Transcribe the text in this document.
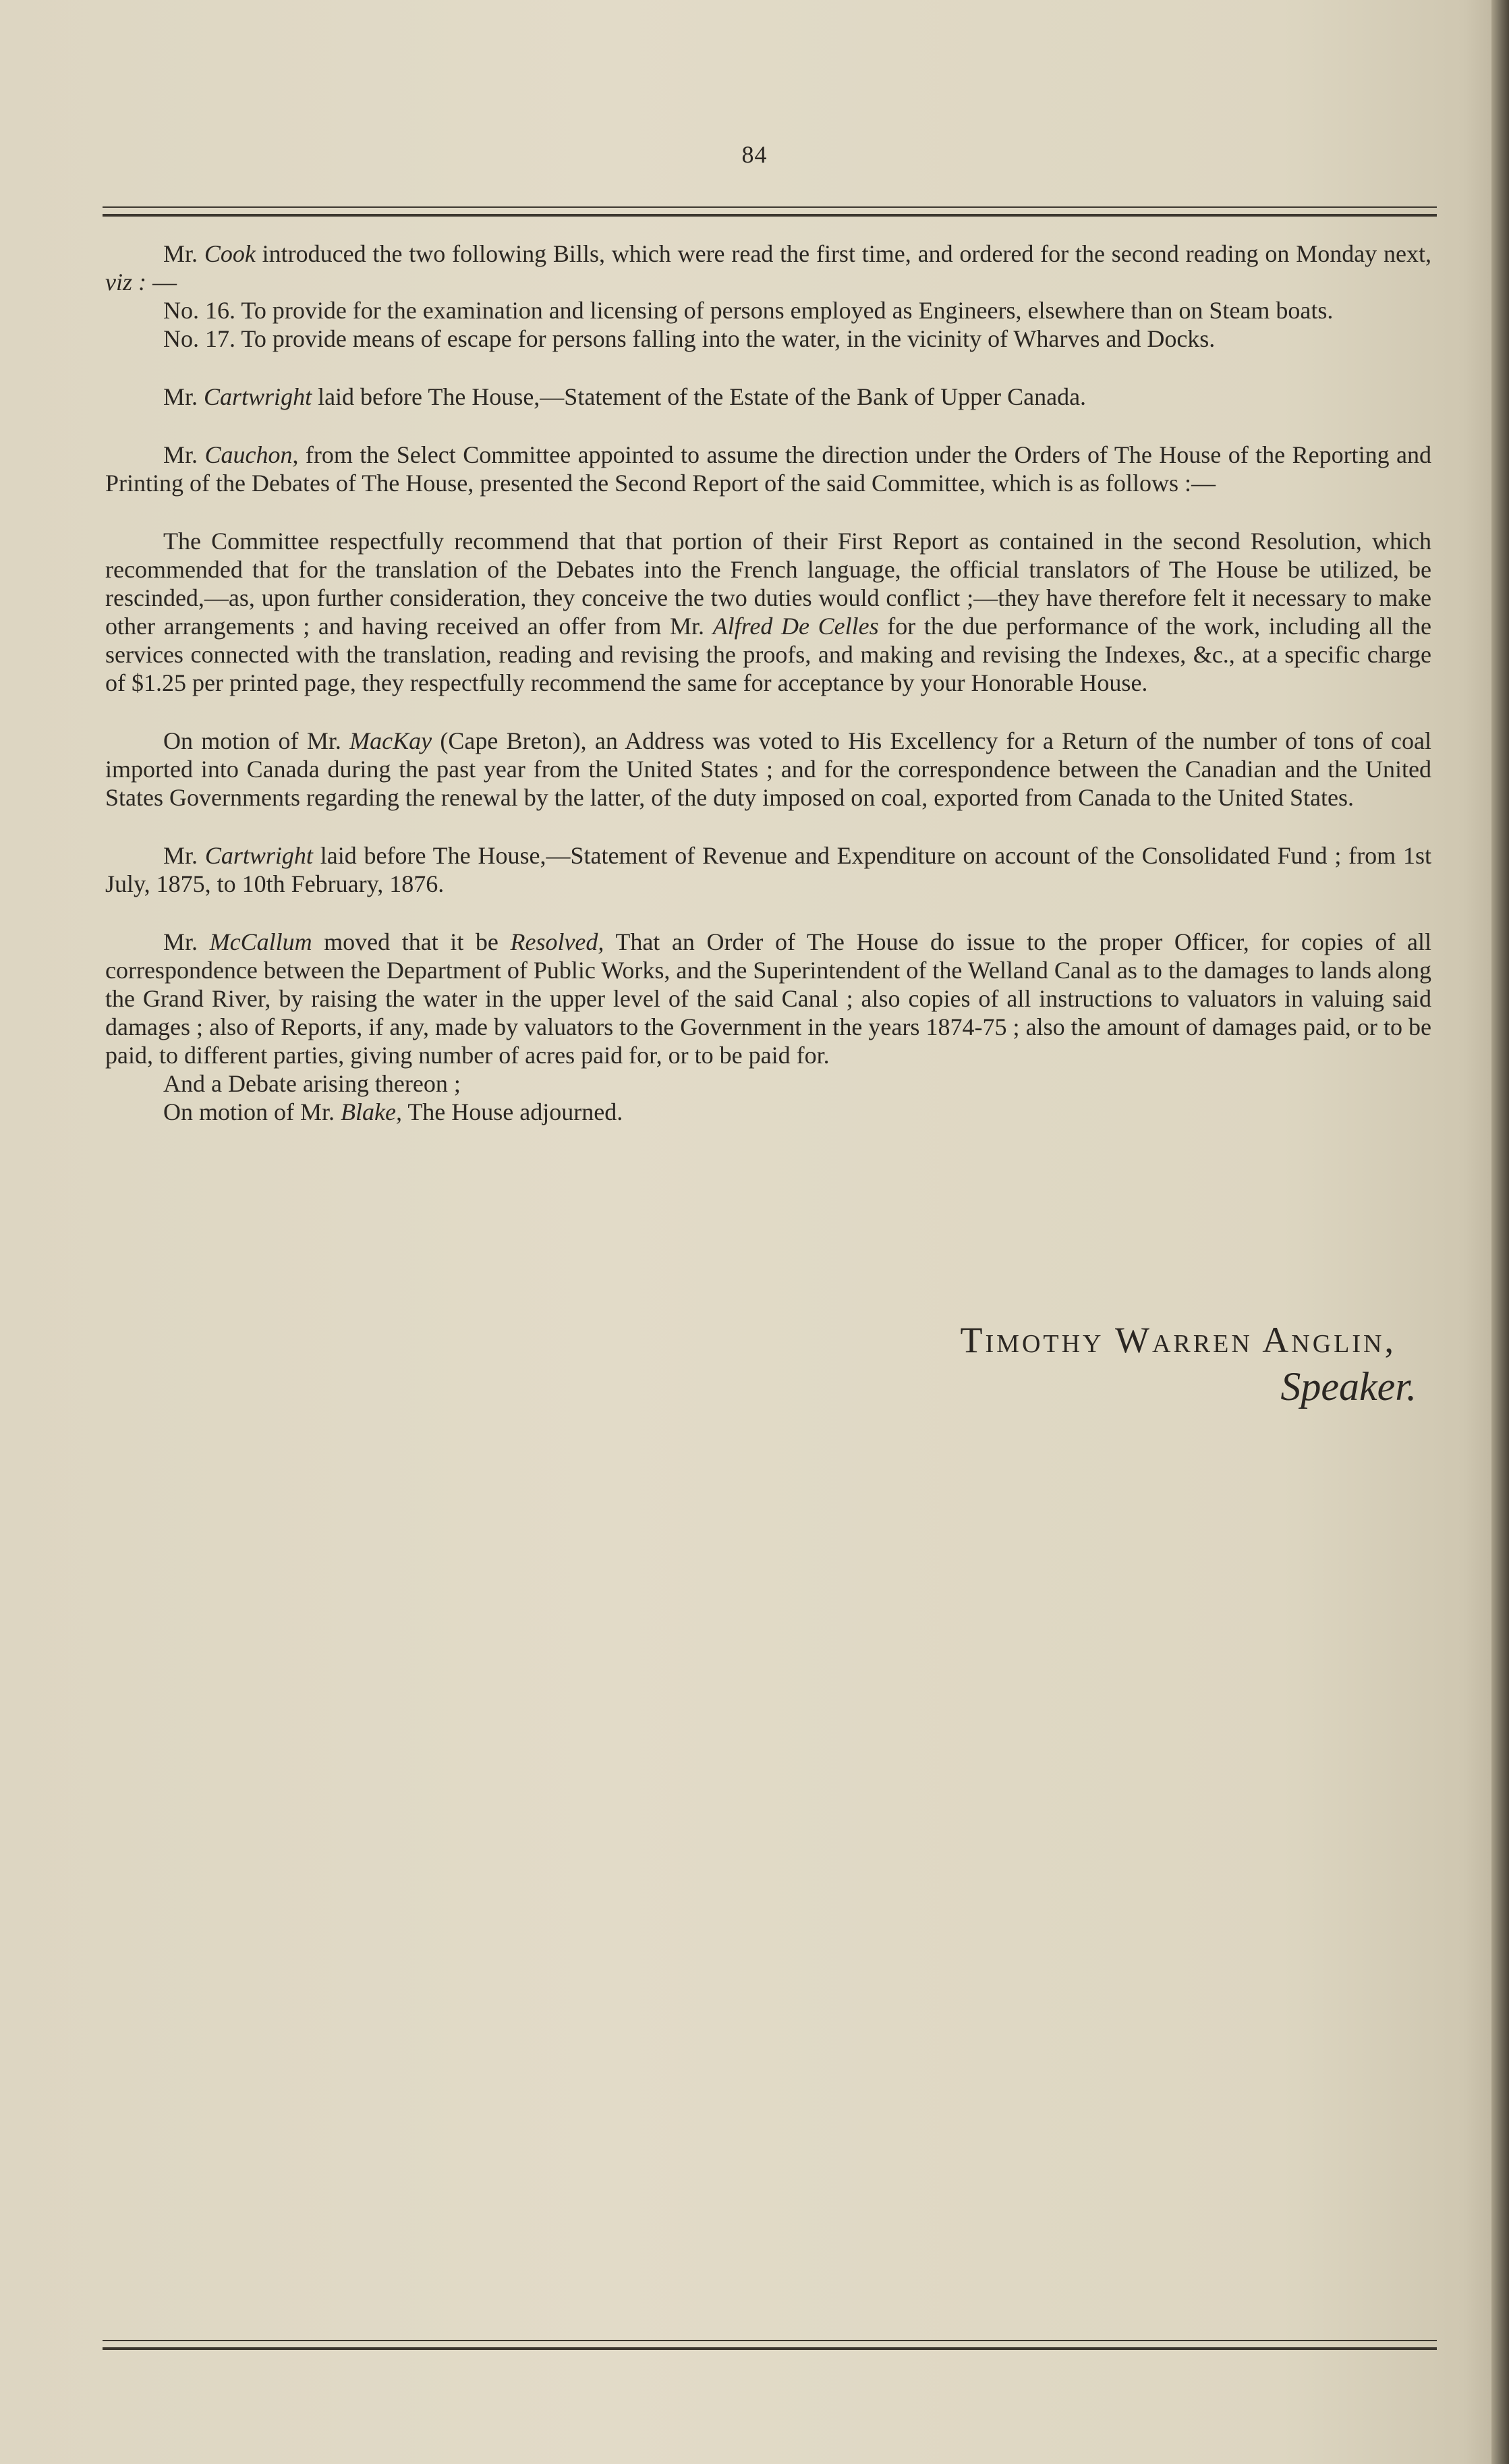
84

Mr. Cook introduced the two following Bills, which were read the first time, and ordered for the second reading on Monday next, viz : —

No. 16. To provide for the examination and licensing of persons employed as Engineers, elsewhere than on Steam boats.

No. 17. To provide means of escape for persons falling into the water, in the vicinity of Wharves and Docks.

Mr. Cartwright laid before The House,—Statement of the Estate of the Bank of Upper Canada.

Mr. Cauchon, from the Select Committee appointed to assume the direction under the Orders of The House of the Reporting and Printing of the Debates of The House, presented the Second Report of the said Committee, which is as follows :—

The Committee respectfully recommend that that portion of their First Report as contained in the second Resolution, which recommended that for the translation of the Debates into the French language, the official translators of The House be utilized, be rescinded,—as, upon further consideration, they conceive the two duties would conflict ;—they have therefore felt it necessary to make other arrangements ; and having received an offer from Mr. Alfred De Celles for the due performance of the work, including all the services connected with the translation, reading and revising the proofs, and making and revising the Indexes, &c., at a specific charge of $1.25 per printed page, they respectfully recommend the same for acceptance by your Honorable House.

On motion of Mr. MacKay (Cape Breton), an Address was voted to His Excellency for a Return of the number of tons of coal imported into Canada during the past year from the United States ; and for the correspondence between the Canadian and the United States Governments regarding the renewal by the latter, of the duty imposed on coal, exported from Canada to the United States.

Mr. Cartwright laid before The House,—Statement of Revenue and Expenditure on account of the Consolidated Fund ; from 1st July, 1875, to 10th February, 1876.

Mr. McCallum moved that it be Resolved, That an Order of The House do issue to the proper Officer, for copies of all correspondence between the Department of Public Works, and the Superintendent of the Welland Canal as to the damages to lands along the Grand River, by raising the water in the upper level of the said Canal ; also copies of all instructions to valuators in valuing said damages ; also of Reports, if any, made by valuators to the Government in the years 1874-75 ; also the amount of damages paid, or to be paid, to different parties, giving number of acres paid for, or to be paid for.

And a Debate arising thereon ;

On motion of Mr. Blake, The House adjourned.

Timothy Warren Anglin,
Speaker.
